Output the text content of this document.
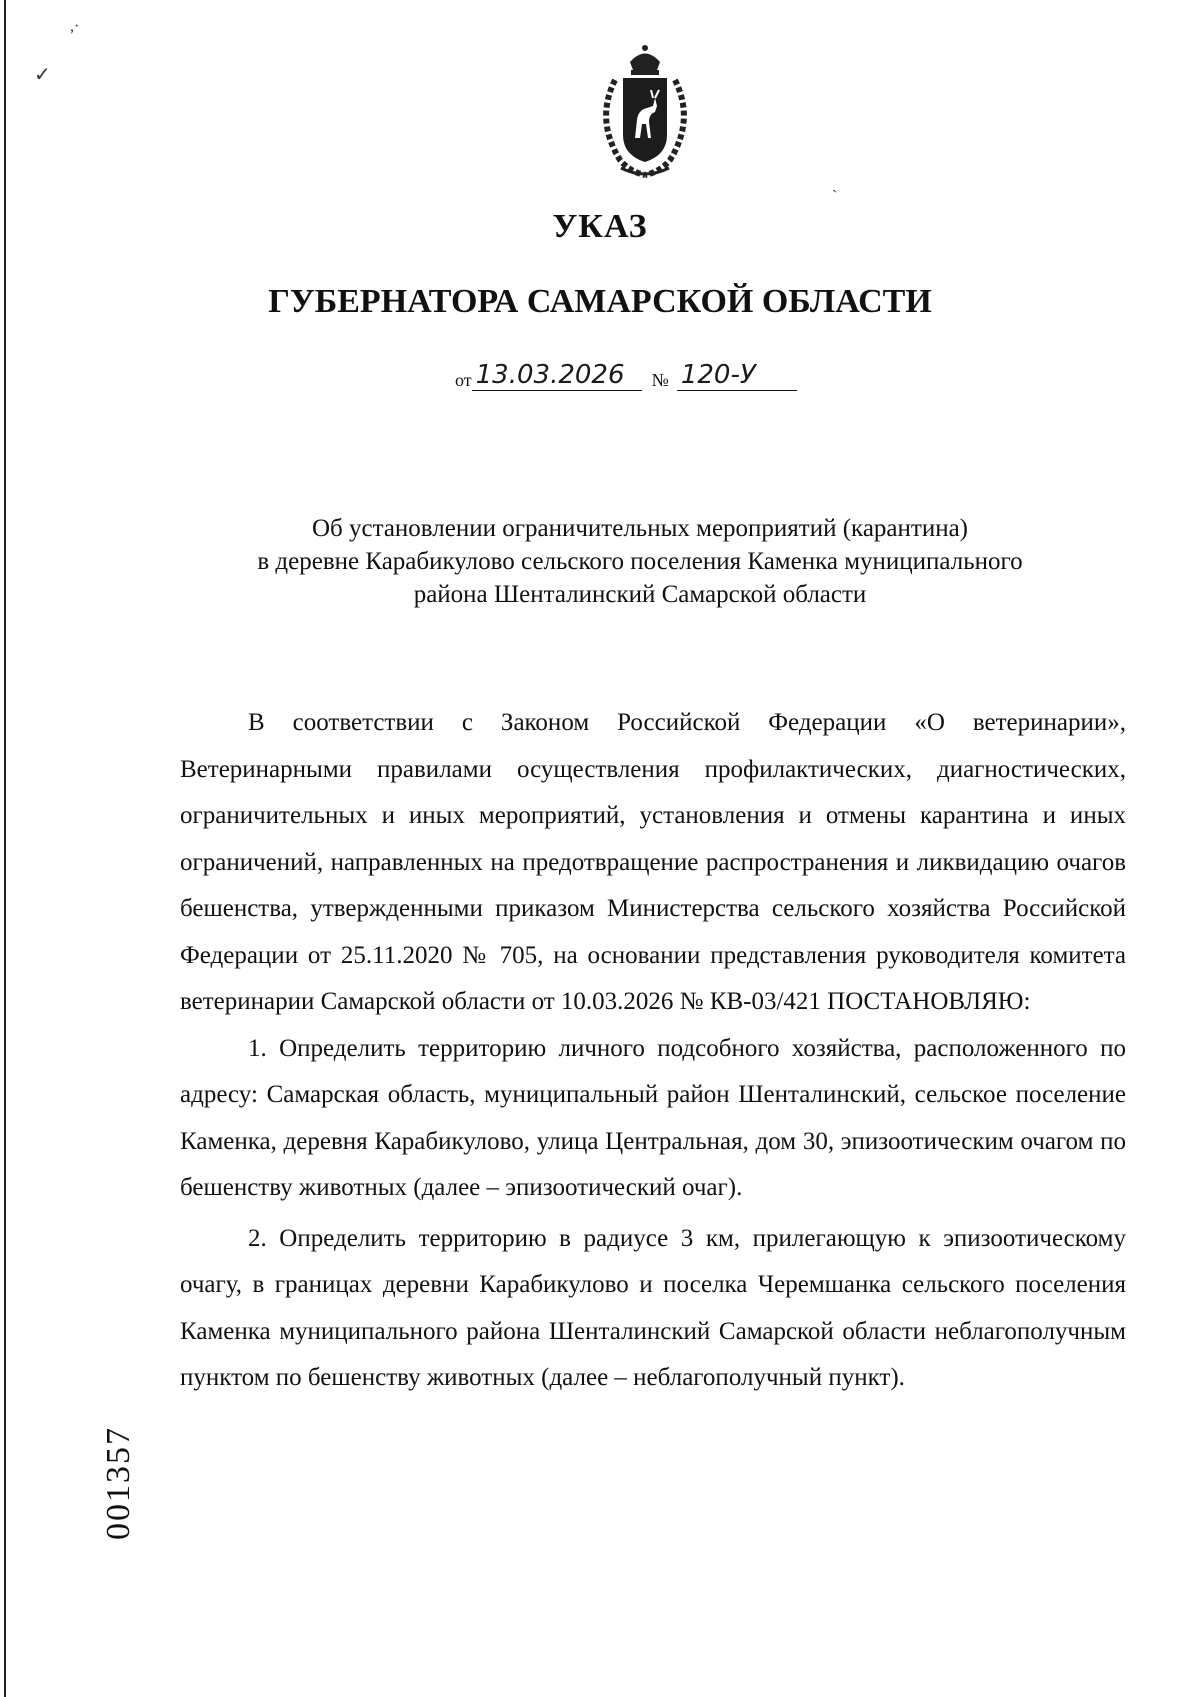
УКАЗ
ГУБЕРНАТОРА САМАРСКОЙ ОБЛАСТИ
от 13.03.2026	№ 120-У
Об установлении ограничительных мероприятий (карантина)
в деревне Карабикулово сельского поселения Каменка муниципального
района Шенталинский Самарской области

В соответствии с Законом Российской Федерации «О ветеринарии», Ветеринарными правилами осуществления профилактических, диагностических, ограничительных и иных мероприятий, установления и отмены карантина и иных ограничений, направленных на предотвращение распространения и ликвидацию очагов бешенства, утвержденными приказом Министерства сельского хозяйства Российской Федерации от 25.11.2020 № 705, на основании представления руководителя комитета ветеринарии Самарской области от 10.03.2026 № КВ-03/421 ПОСТАНОВЛЯЮ:

1. Определить территорию личного подсобного хозяйства, расположенного по адресу: Самарская область, муниципальный район Шенталинский, сельское поселение Каменка, деревня Карабикулово, улица Центральная, дом 30, эпизоотическим очагом по бешенству животных (далее – эпизоотический очаг).

2. Определить территорию в радиусе 3 км, прилегающую к эпизоотическому очагу, в границах деревни Карабикулово и поселка Черемшанка сельского поселения Каменка муниципального района Шенталинский Самарской области неблагополучным пунктом по бешенству животных (далее – неблагополучный пункт).

001357
,·
✓
`
